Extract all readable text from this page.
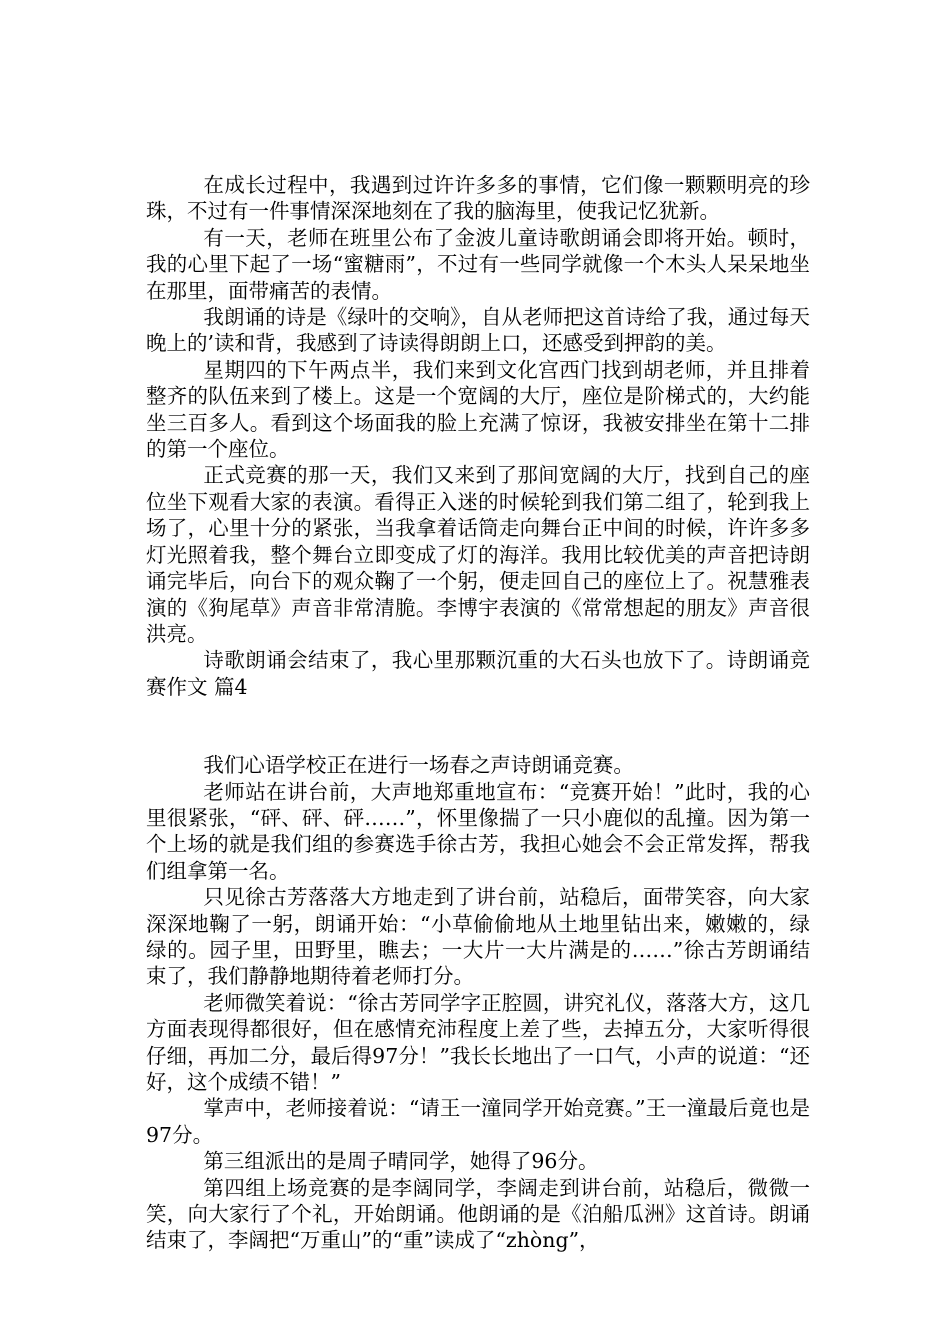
在成长过程中，我遇到过许许多多的事情，它们像一颗颗明亮的珍珠，不过有一件事情深深地刻在了我的脑海里，使我记忆犹新。

有一天，老师在班里公布了金波儿童诗歌朗诵会即将开始。顿时，我的心里下起了一场“蜜糖雨”，不过有一些同学就像一个木头人呆呆地坐在那里，面带痛苦的表情。

我朗诵的诗是《绿叶的交响》，自从老师把这首诗给了我，通过每天晚上的’读和背，我感到了诗读得朗朗上口，还感受到押韵的美。

星期四的下午两点半，我们来到文化宫西门找到胡老师，并且排着整齐的队伍来到了楼上。这是一个宽阔的大厅，座位是阶梯式的，大约能坐三百多人。看到这个场面我的脸上充满了惊讶，我被安排坐在第十二排的第一个座位。

正式竞赛的那一天，我们又来到了那间宽阔的大厅，找到自己的座位坐下观看大家的表演。看得正入迷的时候轮到我们第二组了，轮到我上场了，心里十分的紧张，当我拿着话筒走向舞台正中间的时候，许许多多灯光照着我，整个舞台立即变成了灯的海洋。我用比较优美的声音把诗朗诵完毕后，向台下的观众鞠了一个躬，便走回自己的座位上了。祝慧雅表演的《狗尾草》声音非常清脆。李博宇表演的《常常想起的朋友》声音很洪亮。

诗歌朗诵会结束了，我心里那颗沉重的大石头也放下了。诗朗诵竞赛作文 篇4

我们心语学校正在进行一场春之声诗朗诵竞赛。

老师站在讲台前，大声地郑重地宣布：“竞赛开始！”此时，我的心里很紧张，“砰、砰、砰……”，怀里像揣了一只小鹿似的乱撞。因为第一个上场的就是我们组的参赛选手徐古芳，我担心她会不会正常发挥，帮我们组拿第一名。

只见徐古芳落落大方地走到了讲台前，站稳后，面带笑容，向大家深深地鞠了一躬，朗诵开始：“小草偷偷地从土地里钻出来，嫩嫩的，绿绿的。园子里，田野里，瞧去；一大片一大片满是的……”徐古芳朗诵结束了，我们静静地期待着老师打分。

老师微笑着说：“徐古芳同学字正腔圆，讲究礼仪，落落大方，这几方面表现得都很好，但在感情充沛程度上差了些，去掉五分，大家听得很仔细，再加二分，最后得97分！”我长长地出了一口气，小声的说道：“还好，这个成绩不错！”

掌声中，老师接着说：“请王一潼同学开始竞赛。”王一潼最后竟也是97分。

第三组派出的是周子晴同学，她得了96分。

第四组上场竞赛的是李阔同学，李阔走到讲台前，站稳后，微微一笑，向大家行了个礼，开始朗诵。他朗诵的是《泊船瓜洲》这首诗。朗诵结束了，李阔把“万重山”的“重”读成了“zhòng”，
